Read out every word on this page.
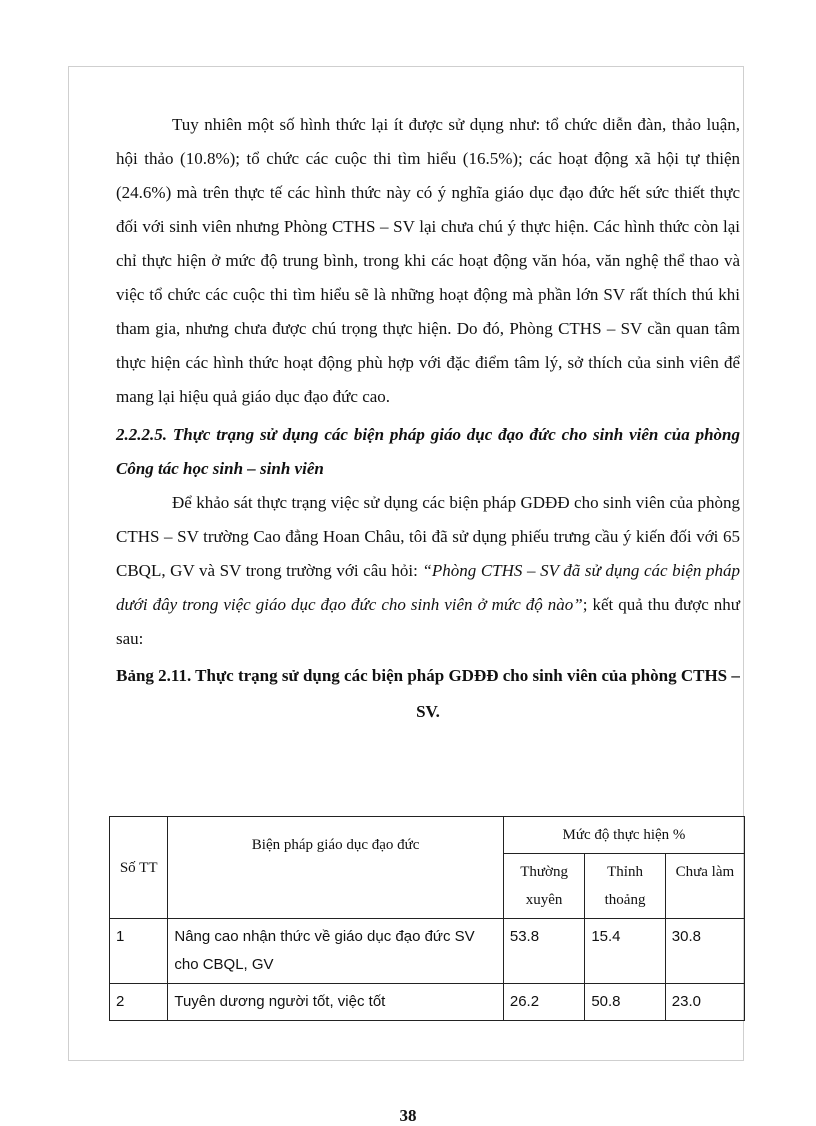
Tuy nhiên một số hình thức lại ít được sử dụng như: tổ chức diễn đàn, thảo luận, hội thảo (10.8%); tổ chức các cuộc thi tìm hiểu (16.5%); các hoạt động xã hội tự thiện (24.6%) mà trên thực tế các hình thức này có ý nghĩa giáo dục đạo đức hết sức thiết thực đối với sinh viên nhưng Phòng CTHS – SV lại chưa chú ý thực hiện. Các hình thức còn lại chỉ thực hiện ở mức độ trung bình, trong khi các hoạt động văn hóa, văn nghệ thể thao và việc tổ chức các cuộc thi tìm hiểu sẽ là những hoạt động mà phần lớn SV rất thích thú khi tham gia, nhưng chưa được chú trọng thực hiện. Do đó, Phòng CTHS – SV cần quan tâm thực hiện các hình thức hoạt động phù hợp với đặc điểm tâm lý, sở thích của sinh viên để mang lại hiệu quả giáo dục đạo đức cao.

2.2.2.5. Thực trạng sử dụng các biện pháp giáo dục đạo đức cho sinh viên của phòng Công tác học sinh – sinh viên

Để khảo sát thực trạng việc sử dụng các biện pháp GDĐĐ cho sinh viên của phòng CTHS – SV trường Cao đẳng Hoan Châu, tôi đã sử dụng phiếu trưng cầu ý kiến đối với 65 CBQL, GV và SV trong trường với câu hỏi: “Phòng CTHS – SV đã sử dụng các biện pháp dưới đây trong việc giáo dục đạo đức cho sinh viên ở mức độ nào”; kết quả thu được như sau:

Bảng 2.11. Thực trạng sử dụng các biện pháp GDĐĐ cho sinh viên của phòng CTHS – SV.
Số TT	Biện pháp giáo dục đạo đức	Mức độ thực hiện %		
		Thường xuyên	Thỉnh thoảng	Chưa làm
1	Nâng cao nhận thức về giáo dục đạo đức SV cho CBQL, GV	53.8	15.4	30.8
2	Tuyên dương người tốt, việc tốt	26.2	50.8	23.0
38
